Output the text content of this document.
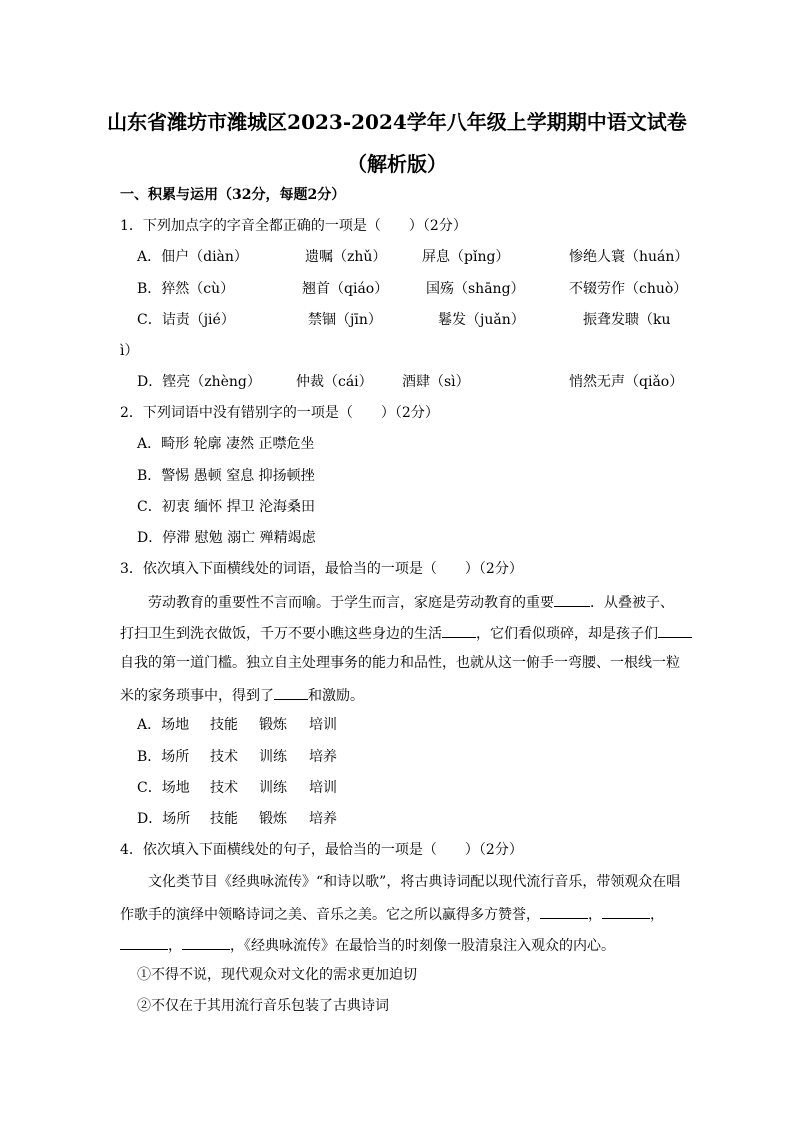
山东省潍坊市潍城区2023-2024学年八年级上学期期中语文试卷
（解析版）
一、积累与运用（32分，每题2分）
1．下列加点字的字音全都正确的一项是（　　）（2分）
A．佃户（diàn）	遗嘱（zhǔ）	屏息（pǐng）	惨绝人寰（huán）
B．猝然（cù）	翘首（qiáo）	国殇（shāng）	不辍劳作（chuò）
C．诘责（jié）	禁锢（jīn）	鬈发（juǎn）	振聋发聩（ku
ì）
D．铿亮（zhèng）	仲裁（cái） 酒肆（sì）	悄然无声（qiǎo）
2．下列词语中没有错别字的一项是（　　）（2分）
A．畸形 轮廓 凄然 正噤危坐
B．警惕 愚顿 窒息 抑扬顿挫
C．初衷 缅怀 捍卫 沦海桑田
D．停滞 慰勉 溺亡 殚精竭虑
3．依次填入下面横线处的词语，最恰当的一项是（　　）（2分）
劳动教育的重要性不言而喻。于学生而言，家庭是劳动教育的重要	．从叠被子、
打扫卫生到洗衣做饭，千万不要小瞧这些身边的生活 ，它们看似琐碎，却是孩子们
自我的第一道门槛。独立自主处理事务的能力和品性，也就从这一俯手一弯腰、一根线一粒
米的家务琐事中，得到了 和激励。
A．场地 技能 锻炼 培训
B．场所 技术 训练 培养
C．场地 技术 训练 培训
D．场所 技能 锻炼 培养
4．依次填入下面横线处的句子，最恰当的一项是（　　）（2分）
文化类节目《经典咏流传》“和诗以歌”，将古典诗词配以现代流行音乐，带领观众在唱
作歌手的演绎中领略诗词之美、音乐之美。它之所以赢得多方赞誉，	，	，
，	，《经典咏流传》在最恰当的时刻像一股清泉注入观众的内心。
①不得不说，现代观众对文化的需求更加迫切
②不仅在于其用流行音乐包装了古典诗词
